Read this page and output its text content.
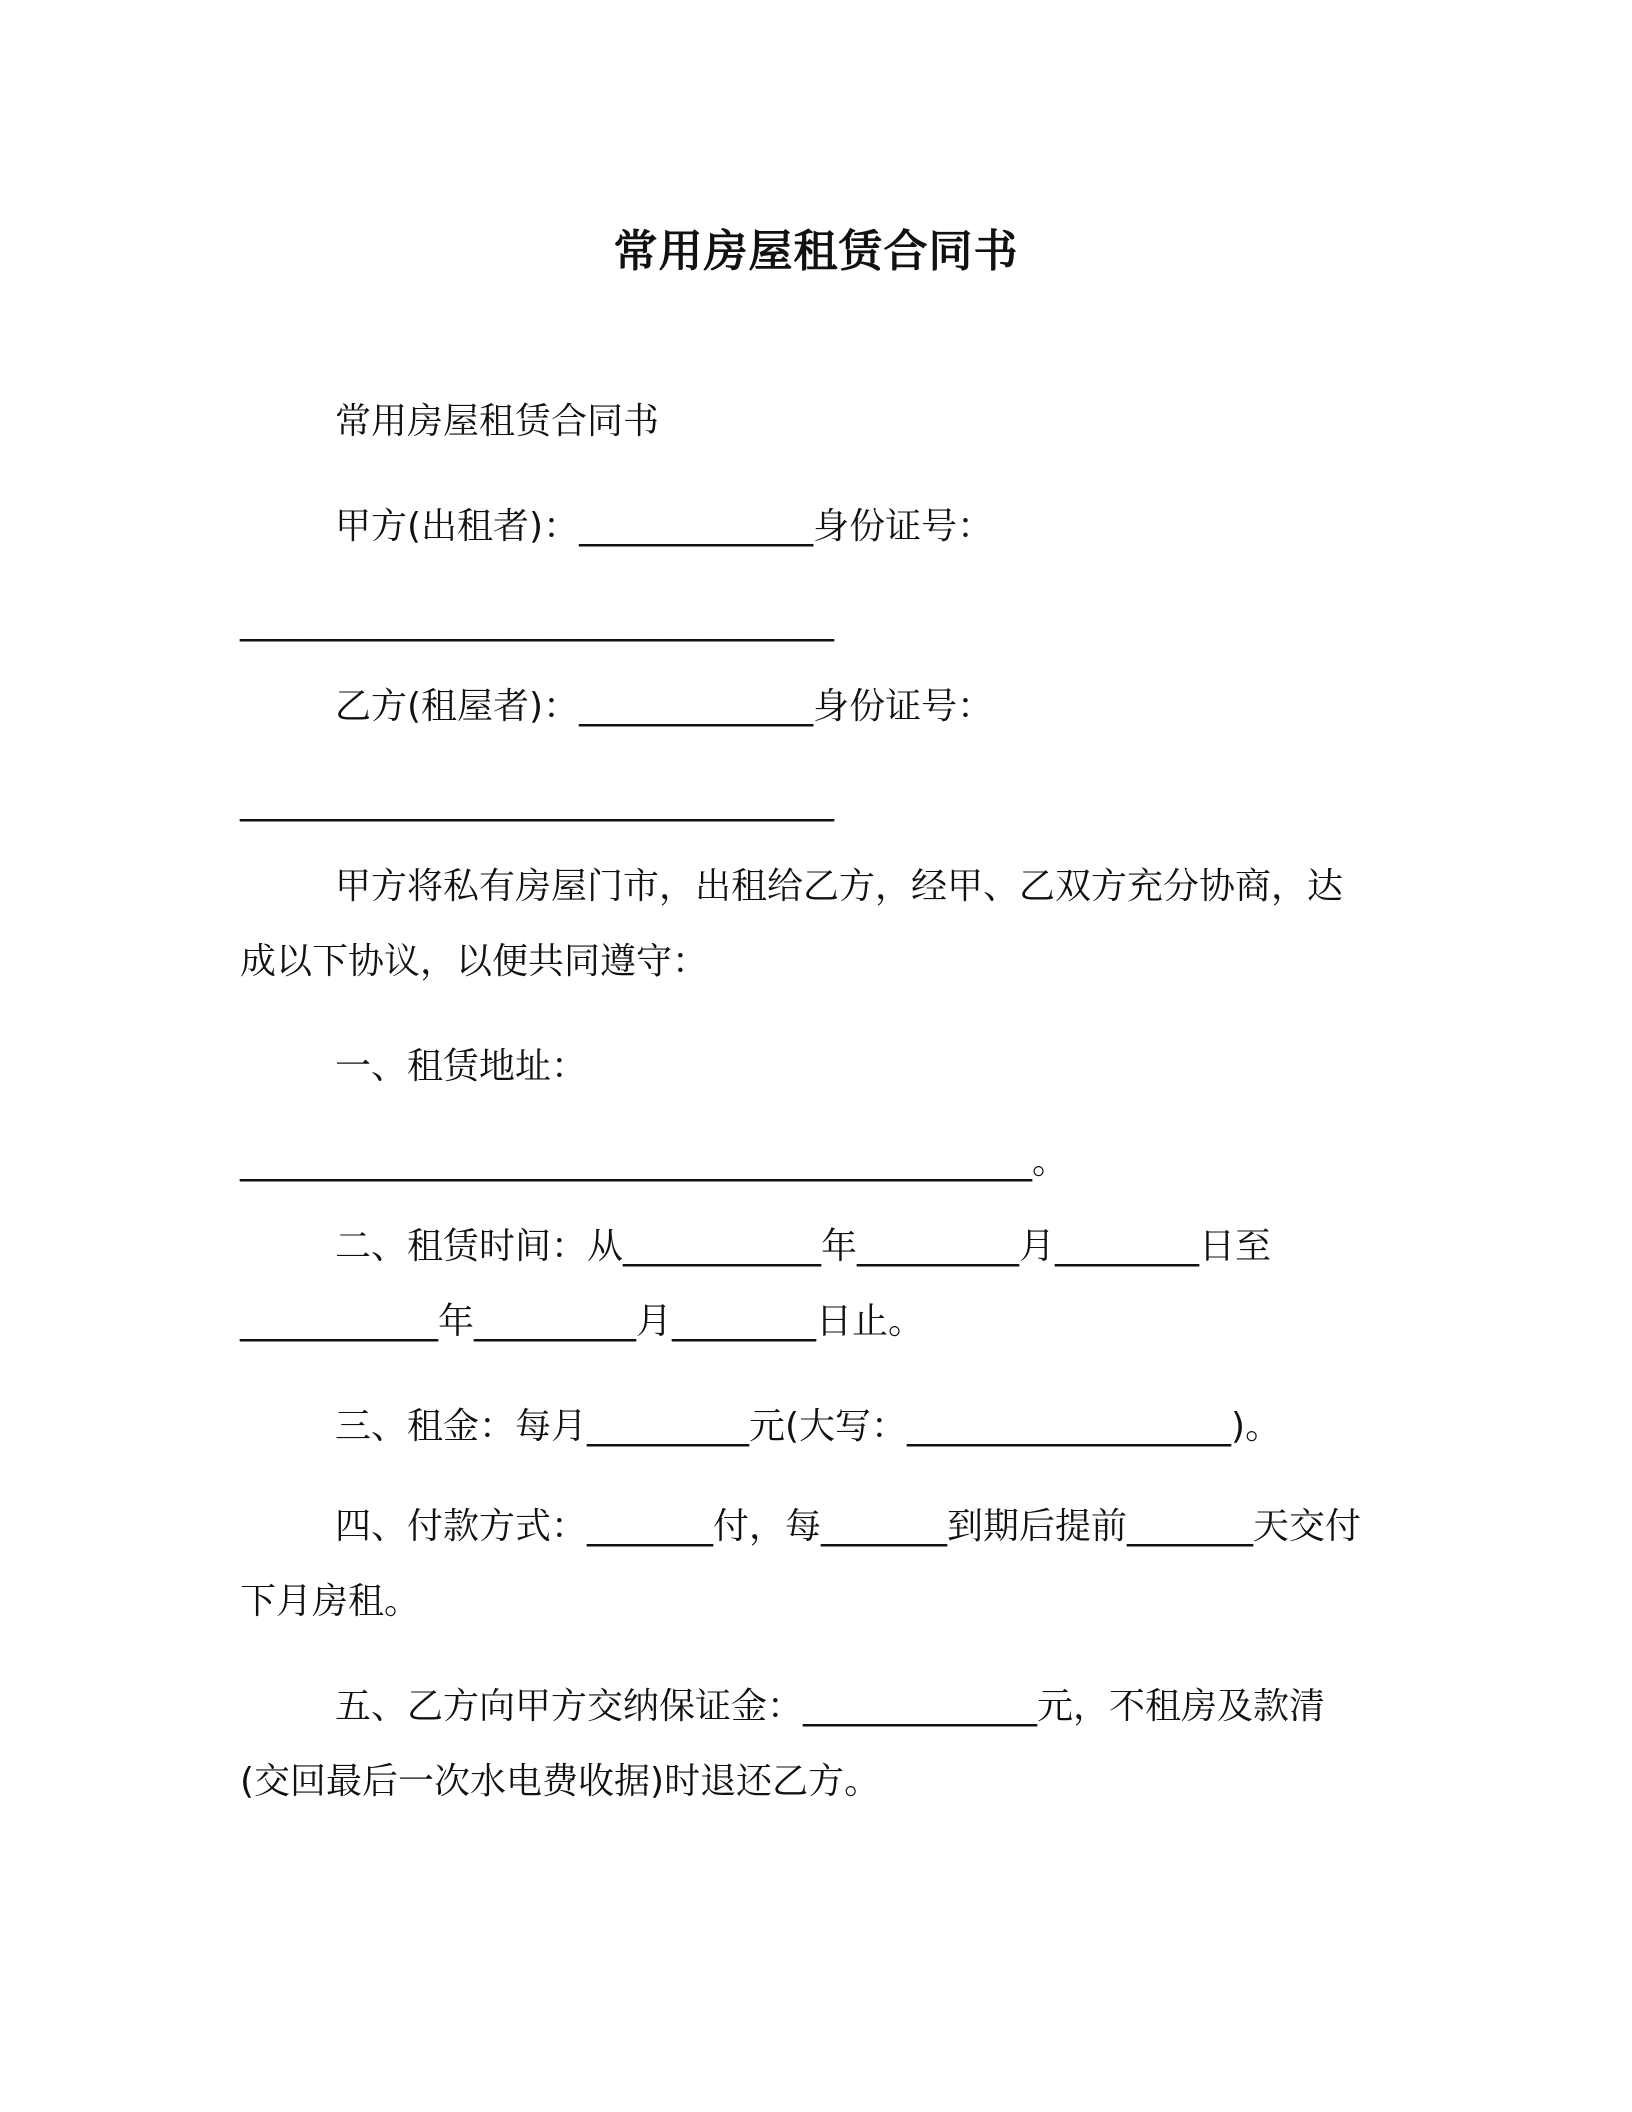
常用房屋租赁合同书
常用房屋租赁合同书
甲方(出租者)：_____________身份证号：
_________________________________
乙方(租屋者)：_____________身份证号：
_________________________________
甲方将私有房屋门市，出租给乙方，经甲、乙双方充分协商，达
成以下协议，以便共同遵守：
一、租赁地址：
____________________________________________。
二、租赁时间：从___________年_________月________日至
___________年_________月________日止。
三、租金：每月_________元(大写：__________________)。
四、付款方式：_______付，每_______到期后提前_______天交付
下月房租。
五、乙方向甲方交纳保证金：_____________元，不租房及款清
(交回最后一次水电费收据)时退还乙方。
